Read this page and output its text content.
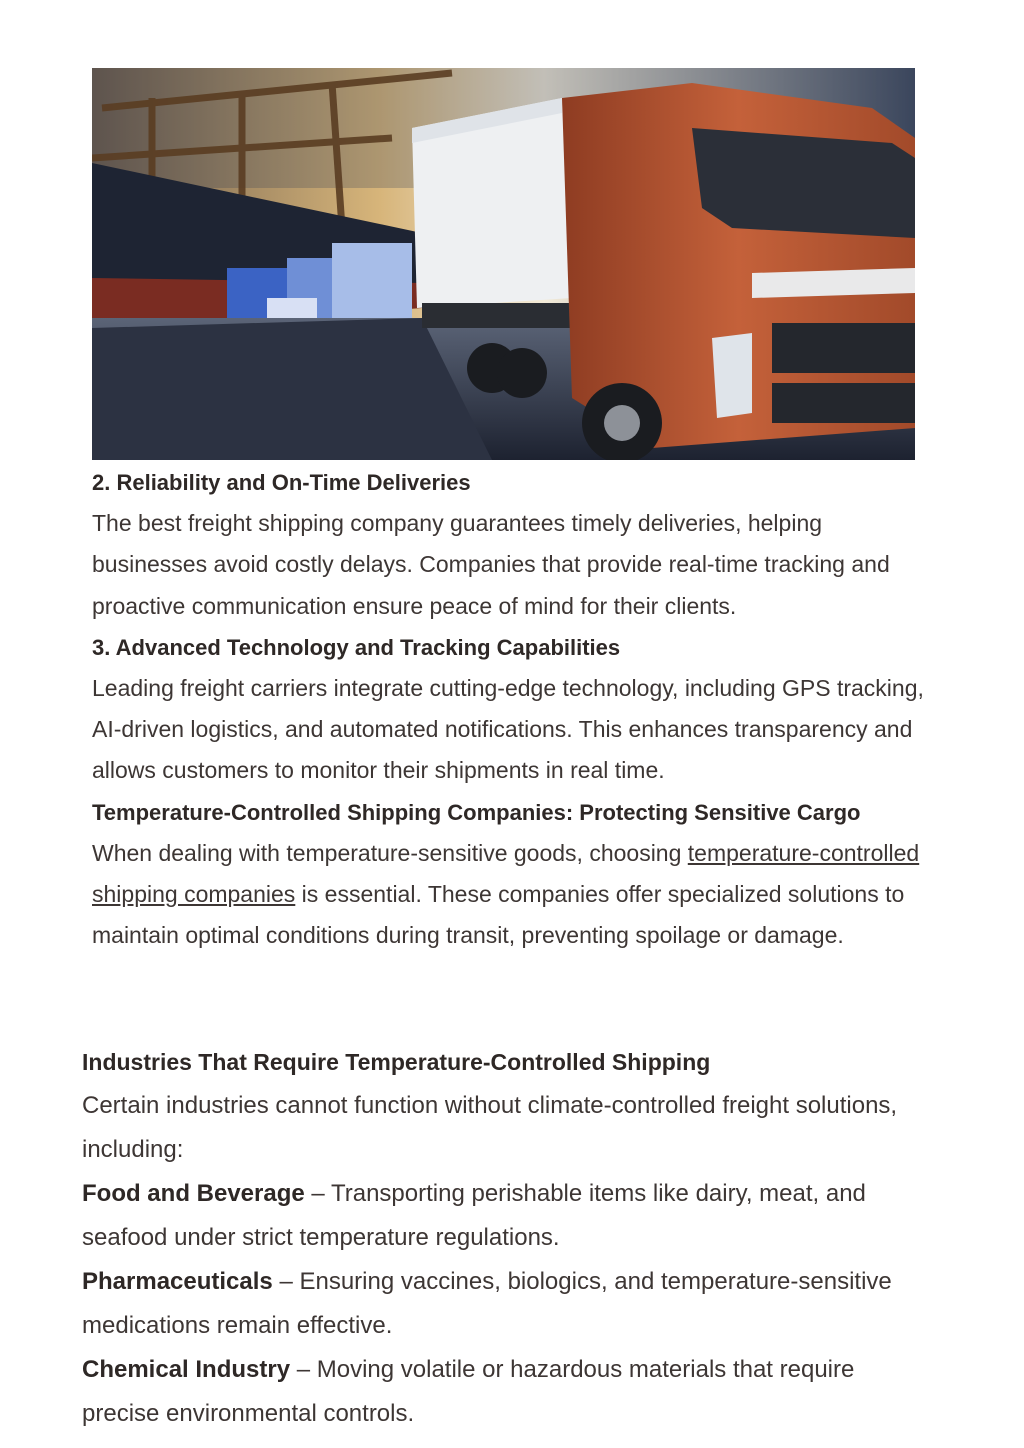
2. Reliability and On-Time Deliveries

The best freight shipping company guarantees timely deliveries, helping businesses avoid costly delays. Companies that provide real-time tracking and proactive communication ensure peace of mind for their clients.

3. Advanced Technology and Tracking Capabilities

Leading freight carriers integrate cutting-edge technology, including GPS tracking, AI-driven logistics, and automated notifications. This enhances transparency and allows customers to monitor their shipments in real time.

Temperature-Controlled Shipping Companies: Protecting Sensitive Cargo

When dealing with temperature-sensitive goods, choosing temperature-controlled shipping companies is essential. These companies offer specialized solutions to maintain optimal conditions during transit, preventing spoilage or damage.

Industries That Require Temperature-Controlled Shipping

Certain industries cannot function without climate-controlled freight solutions, including:

Food and Beverage – Transporting perishable items like dairy, meat, and seafood under strict temperature regulations.

Pharmaceuticals – Ensuring vaccines, biologics, and temperature-sensitive medications remain effective.

Chemical Industry – Moving volatile or hazardous materials that require precise environmental controls.
